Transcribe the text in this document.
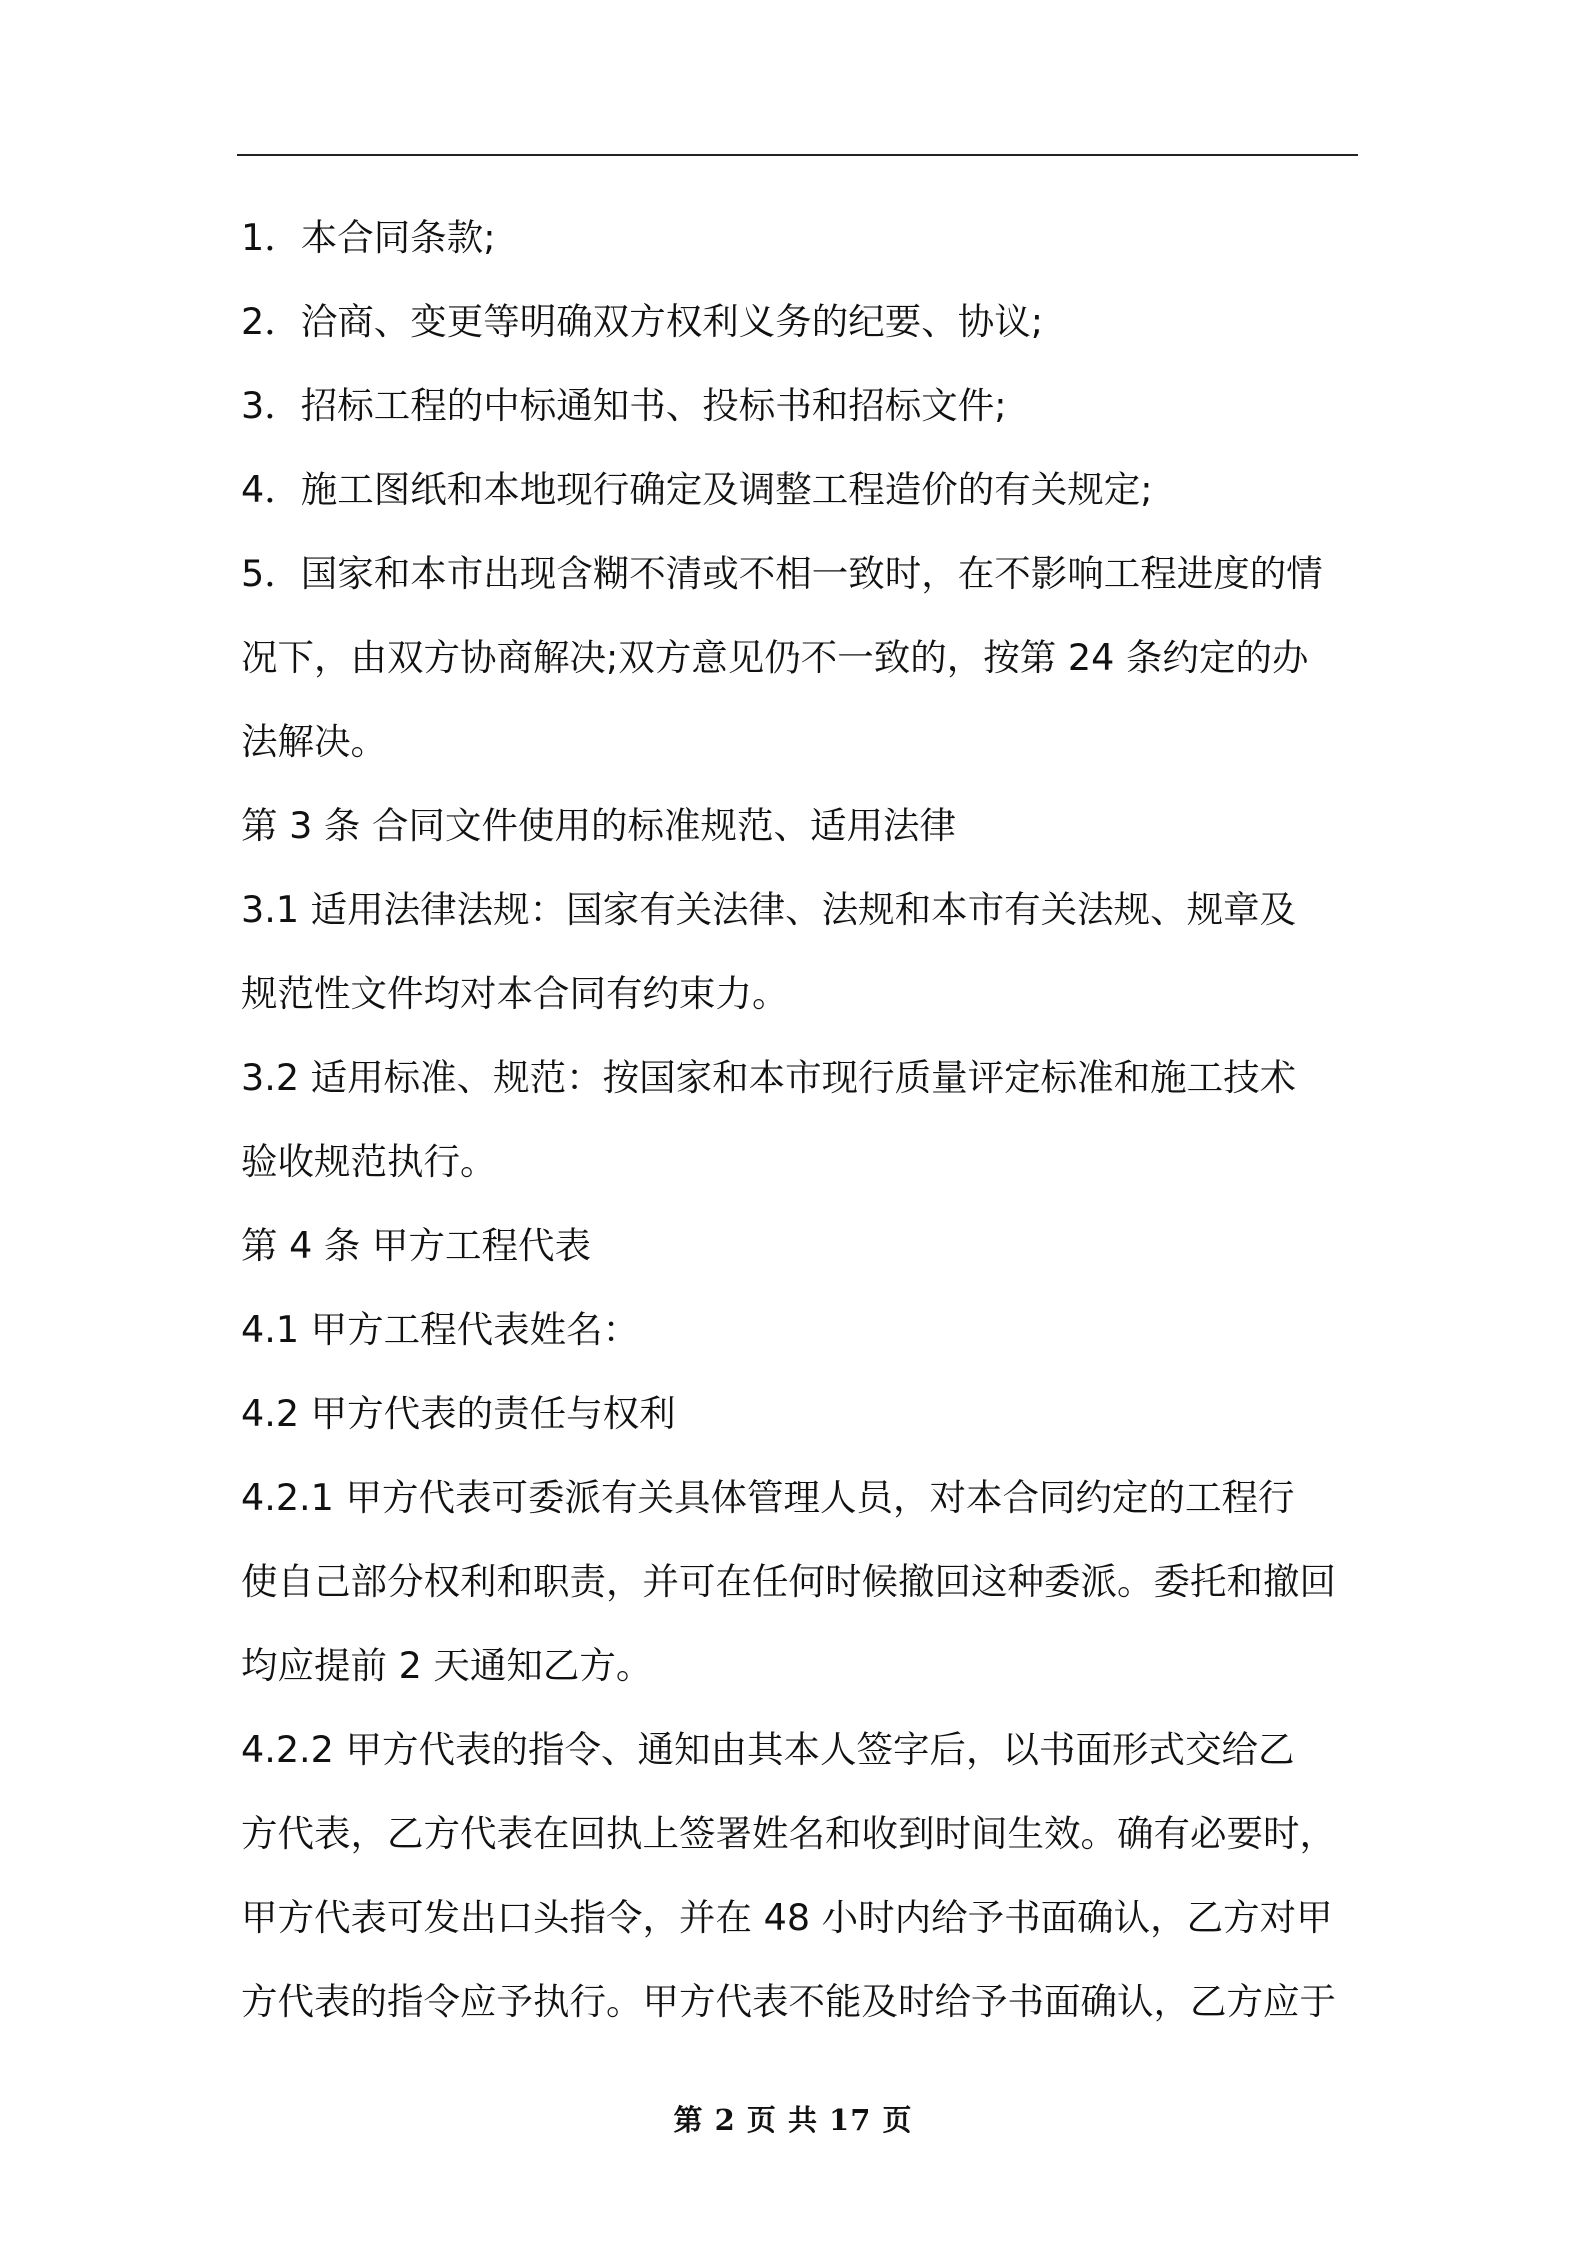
1．本合同条款;
2．洽商、变更等明确双方权利义务的纪要、协议;
3．招标工程的中标通知书、投标书和招标文件;
4．施工图纸和本地现行确定及调整工程造价的有关规定;
5．国家和本市出现含糊不清或不相一致时，在不影响工程进度的情
况下，由双方协商解决;双方意见仍不一致的，按第 24 条约定的办
法解决。
第 3 条 合同文件使用的标准规范、适用法律
3.1 适用法律法规：国家有关法律、法规和本市有关法规、规章及
规范性文件均对本合同有约束力。
3.2 适用标准、规范：按国家和本市现行质量评定标准和施工技术
验收规范执行。
第 4 条 甲方工程代表
4.1 甲方工程代表姓名：
4.2 甲方代表的责任与权利
4.2.1 甲方代表可委派有关具体管理人员，对本合同约定的工程行
使自己部分权利和职责，并可在任何时候撤回这种委派。委托和撤回
均应提前 2 天通知乙方。
4.2.2 甲方代表的指令、通知由其本人签字后，以书面形式交给乙
方代表，乙方代表在回执上签署姓名和收到时间生效。确有必要时，
甲方代表可发出口头指令，并在 48 小时内给予书面确认，乙方对甲
方代表的指令应予执行。甲方代表不能及时给予书面确认，乙方应于
第 2 页 共 17 页
